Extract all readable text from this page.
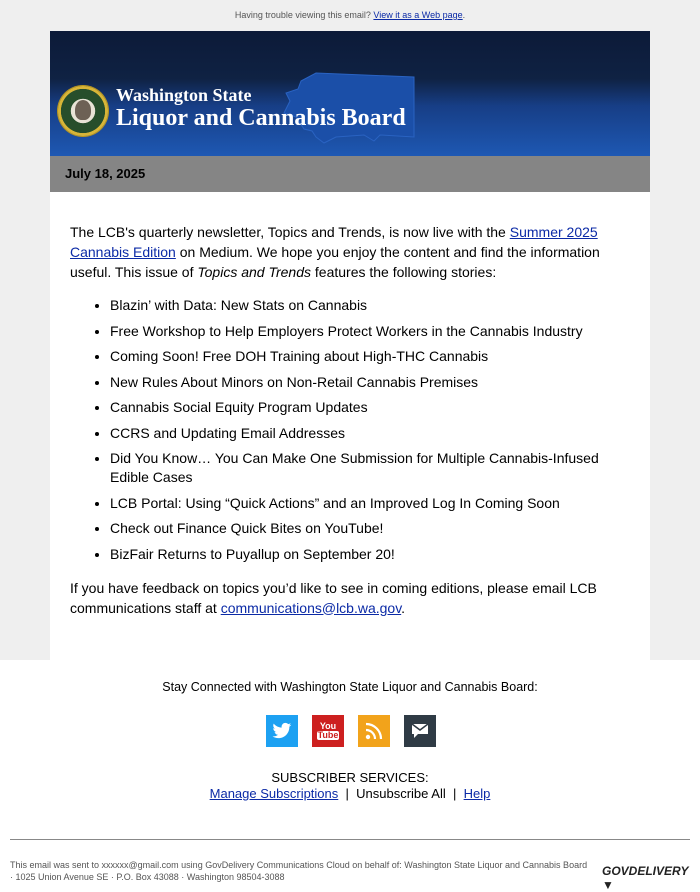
Having trouble viewing this email? View it as a Web page.
Washington State
Liquor and Cannabis Board
July 18, 2025

The LCB's quarterly newsletter, Topics and Trends, is now live with the Summer 2025 Cannabis Edition on Medium. We hope you enjoy the content and find the information useful. This issue of Topics and Trends features the following stories:

• Blazin’ with Data: New Stats on Cannabis
• Free Workshop to Help Employers Protect Workers in the Cannabis Industry
• Coming Soon! Free DOH Training about High-THC Cannabis
• New Rules About Minors on Non-Retail Cannabis Premises
• Cannabis Social Equity Program Updates
• CCRS and Updating Email Addresses
• Did You Know… You Can Make One Submission for Multiple Cannabis-Infused Edible Cases
• LCB Portal: Using “Quick Actions” and an Improved Log In Coming Soon
• Check out Finance Quick Bites on YouTube!
• BizFair Returns to Puyallup on September 20!

If you have feedback on topics you’d like to see in coming editions, please email LCB communications staff at communications@lcb.wa.gov.

Stay Connected with Washington State Liquor and Cannabis Board:
You
Tube
SUBSCRIBER SERVICES:
Manage Subscriptions | Unsubscribe All | Help
This email was sent to xxxxxx@gmail.com using GovDelivery Communications Cloud on behalf of: Washington State Liquor and Cannabis Board · 1025 Union Avenue SE · P.O. Box 43088 · Washington 98504-3088	GOVDELIVERY ▼
